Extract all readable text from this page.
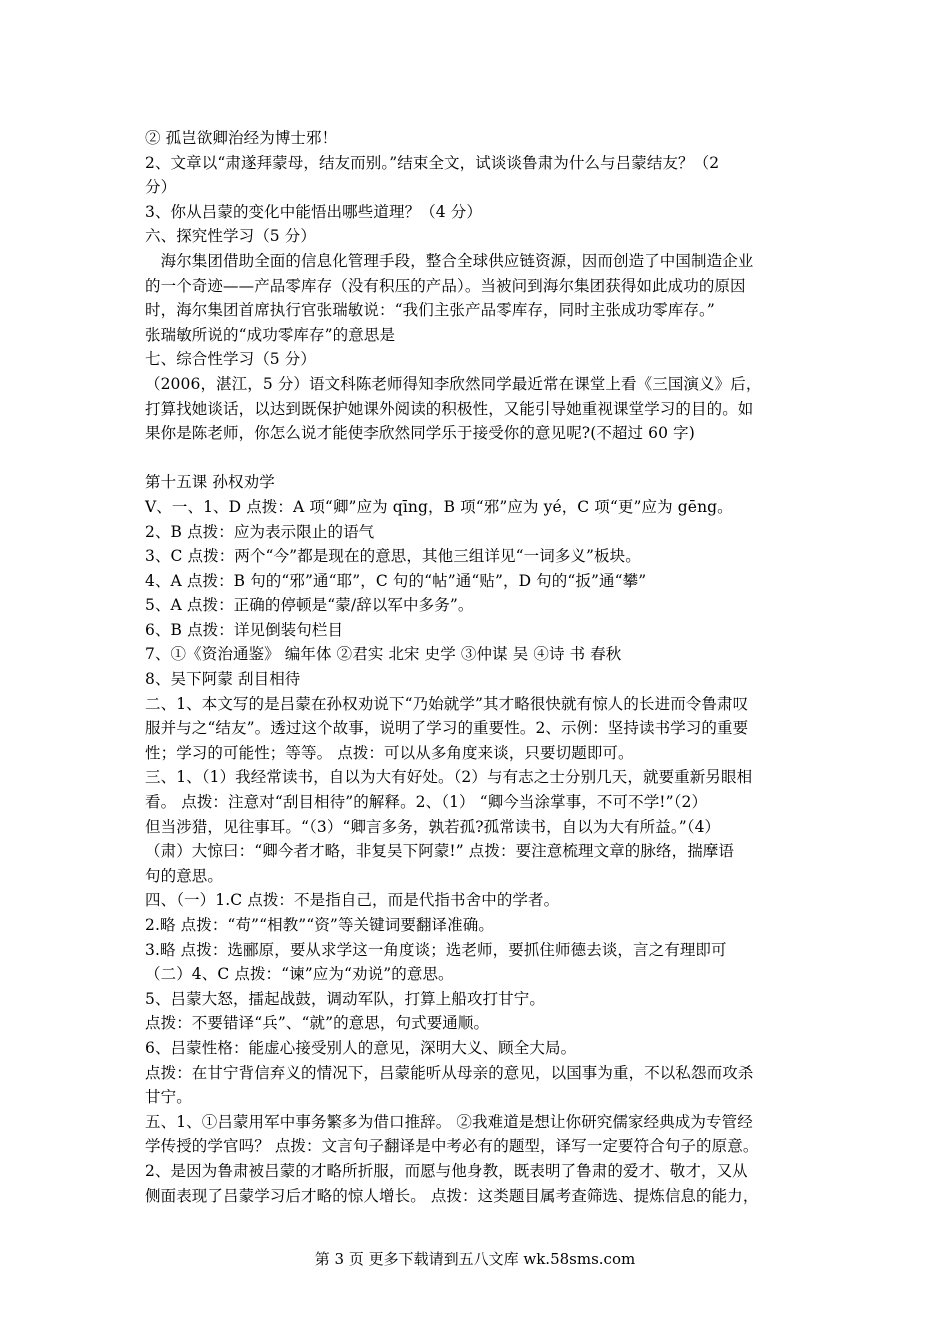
② 孤岂欲卿治经为博士邪！
2、文章以“肃遂拜蒙母，结友而别。”结束全文，试谈谈鲁肃为什么与吕蒙结友？（2
分）
3、你从吕蒙的变化中能悟出哪些道理？（4 分）
六、探究性学习（5 分）
　海尔集团借助全面的信息化管理手段，整合全球供应链资源，因而创造了中国制造企业
的一个奇迹——产品零库存（没有积压的产品）。当被问到海尔集团获得如此成功的原因
时，海尔集团首席执行官张瑞敏说：“我们主张产品零库存，同时主张成功零库存。”
张瑞敏所说的“成功零库存”的意思是
七、综合性学习（5 分）
（2006，湛江，5 分）语文科陈老师得知李欣然同学最近常在课堂上看《三国演义》后，
打算找她谈话，以达到既保护她课外阅读的积极性，又能引导她重视课堂学习的目的。如
果你是陈老师，你怎么说才能使李欣然同学乐于接受你的意见呢?(不超过 60 字)
第十五课 孙权劝学
Ⅴ、一、1、D 点拨：A 项“卿”应为 qīng，B 项“邪”应为 yé，C 项“更”应为 gēng。
2、B 点拨：应为表示限止的语气
3、C 点拨：两个“今”都是现在的意思，其他三组详见“一词多义”板块。
4、A 点拨：B 句的“邪”通“耶”，C 句的“帖”通“贴”，D 句的“扳”通“攀”
5、A 点拨：正确的停顿是“蒙/辞以军中多务”。
6、B 点拨：详见倒装句栏目
7、①《资治通鉴》 编年体 ②君实 北宋 史学 ③仲谋 吴 ④诗 书 春秋
8、吴下阿蒙 刮目相待
二、1、本文写的是吕蒙在孙权劝说下“乃始就学”其才略很快就有惊人的长进而令鲁肃叹
服并与之“结友”。透过这个故事，说明了学习的重要性。2、示例：坚持读书学习的重要
性；学习的可能性；等等。 点拨：可以从多角度来谈，只要切题即可。
三、1、（1）我经常读书，自以为大有好处。（2）与有志之士分别几天，就要重新另眼相
看。 点拨：注意对“刮目相待”的解释。2、（1） “卿今当涂掌事，不可不学!”（2）
但当涉猎，见往事耳。“（3）“卿言多务，孰若孤?孤常读书，自以为大有所益。”（4）
（肃）大惊曰：“卿今者才略，非复吴下阿蒙!” 点拨：要注意梳理文章的脉络，揣摩语
句的意思。
四、（一）1.C 点拨：不是指自己，而是代指书舍中的学者。
2.略 点拨：“苟”“相教”“资”等关键词要翻译准确。
3.略 点拨：选郦原，要从求学这一角度谈；选老师，要抓住师德去谈，言之有理即可
（二）4、C 点拨：“谏”应为“劝说”的意思。
5、吕蒙大怒，擂起战鼓，调动军队，打算上船攻打甘宁。
点拨：不要错译“兵”、“就”的意思，句式要通顺。
6、吕蒙性格：能虚心接受别人的意见，深明大义、顾全大局。
点拨：在甘宁背信弃义的情况下，吕蒙能听从母亲的意见，以国事为重，不以私怨而攻杀
甘宁。
五、1、①吕蒙用军中事务繁多为借口推辞。 ②我难道是想让你研究儒家经典成为专管经
学传授的学官吗？ 点拨：文言句子翻译是中考必有的题型，译写一定要符合句子的原意。
2、是因为鲁肃被吕蒙的才略所折服，而愿与他身教，既表明了鲁肃的爱才、敬才，又从
侧面表现了吕蒙学习后才略的惊人增长。 点拨：这类题目属考查筛选、提炼信息的能力，
第 3 页 更多下载请到五八文库 wk.58sms.com
